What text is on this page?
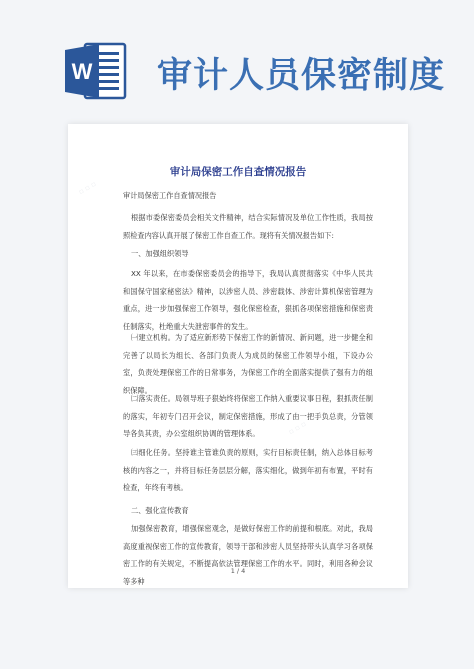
W 审计人员保密制度
▫ ▫ ▫
▫ ▫ ▫
审计局保密工作自查情况报告

审计局保密工作自查情况报告

根据市委保密委员会相关文件精神，结合实际情况及单位工作性质，我局按照检查内容认真开展了保密工作自查工作。现将有关情况报告如下:

一、加强组织领导

XX 年以来，在市委保密委员会的指导下，我局认真贯彻落实《中华人民共和国保守国家秘密法》精神，以涉密人员、涉密载体、涉密计算机保密管理为重点，进一步加强保密工作领导，强化保密检查，狠抓各项保密措施和保密责任制落实，杜绝重大失泄密事件的发生。

㈠建立机构。为了适应新形势下保密工作的新情况、新问题，进一步健全和完善了以局长为组长、各部门负责人为成员的保密工作领导小组，下设办公室，负责处理保密工作的日常事务，为保密工作的全面落实提供了强有力的组织保障。

㈡落实责任。局领导班子狠始终将保密工作纳入重要议事日程，狠抓责任制的落实，年初专门召开会议，制定保密措施，形成了由一把手负总责，分管领导各负其责，办公室组织协调的管理体系。

㈢细化任务。坚持谁主管谁负责的原则，实行目标责任制，纳入总体目标考核的内容之一，并将目标任务层层分解，落实细化，做到年初有布置，平时有检查，年终有考核。

二、强化宣传教育

加强保密教育，增强保密观念，是做好保密工作的前提和根底。对此，我局高度重视保密工作的宣传教育，领导干部和涉密人员坚持带头认真学习各项保密工作的有关规定，不断提高依法管理保密工作的水平。同时，利用各种会议等多种

1 / 4
